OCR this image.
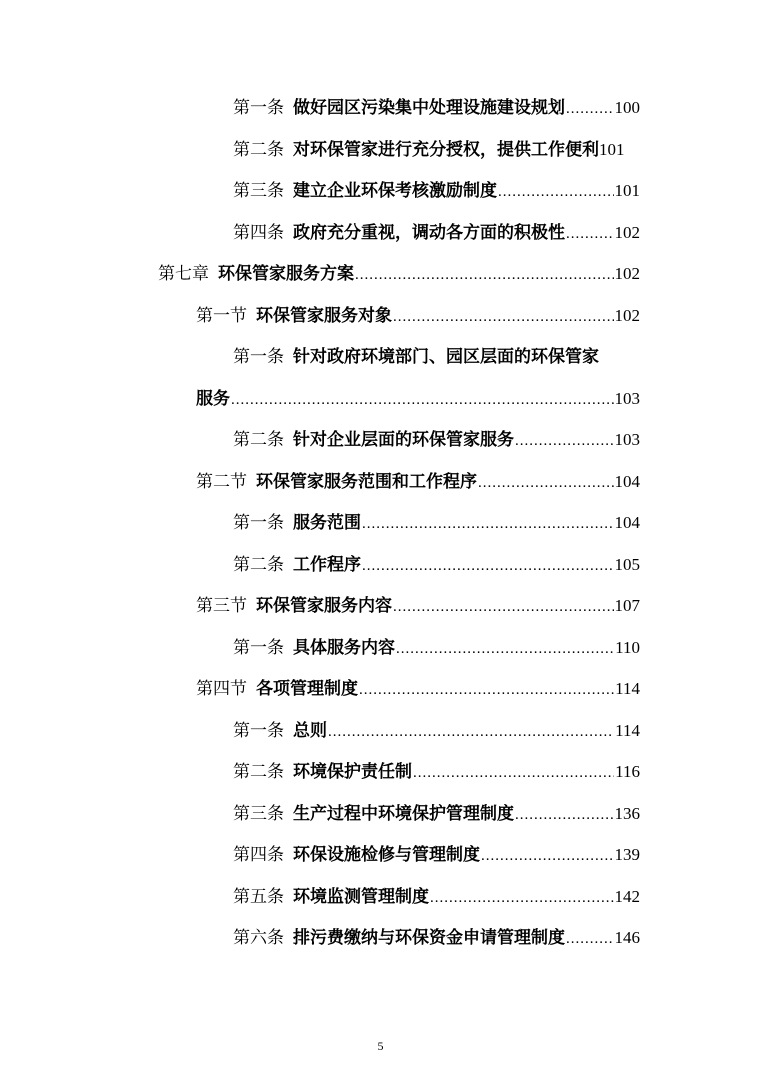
第一条 做好园区污染集中处理设施建设规划 .....	100
第二条 对环保管家进行充分授权，提供工作便利 101
第三条 建立企业环保考核激励制度 .....	101
第四条 政府充分重视，调动各方面的积极性 .....	102
第七章 环保管家服务方案 .....	102
第一节 环保管家服务对象 .....	102
第一条 针对政府环境部门、园区层面的环保管家
服务 .....	103
第二条 针对企业层面的环保管家服务 .....	103
第二节 环保管家服务范围和工作程序 .....	104
第一条 服务范围 .....	104
第二条 工作程序 .....	105
第三节 环保管家服务内容 .....	107
第一条 具体服务内容 .....	110
第四节 各项管理制度 .....	114
第一条 总则 .....	114
第二条 环境保护责任制 .....	116
第三条 生产过程中环境保护管理制度 .....	136
第四条 环保设施检修与管理制度 .....	139
第五条 环境监测管理制度 .....	142
第六条 排污费缴纳与环保资金申请管理制度 .....	146
5
